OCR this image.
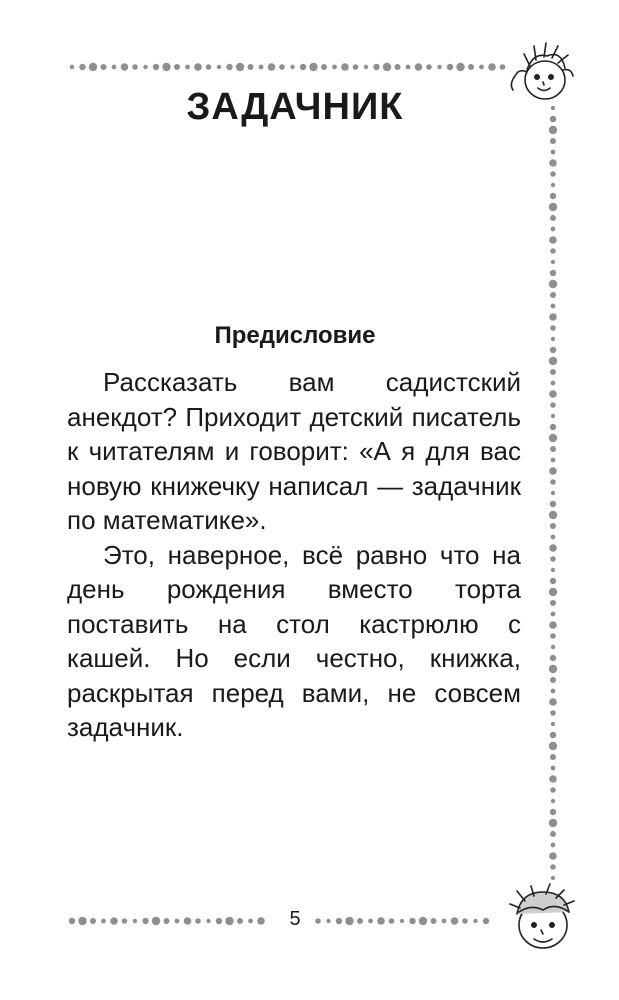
ЗАДАЧНИК
Предисловие

Рассказать вам садистский анекдот? Приходит детский писатель к читателям и говорит: «А я для вас новую книжечку написал — задачник по математике».

Это, наверное, всё равно что на день рождения вместо торта поставить на стол кастрюлю с кашей. Но если честно, книжка, раскрытая перед вами, не совсем задачник.

5
